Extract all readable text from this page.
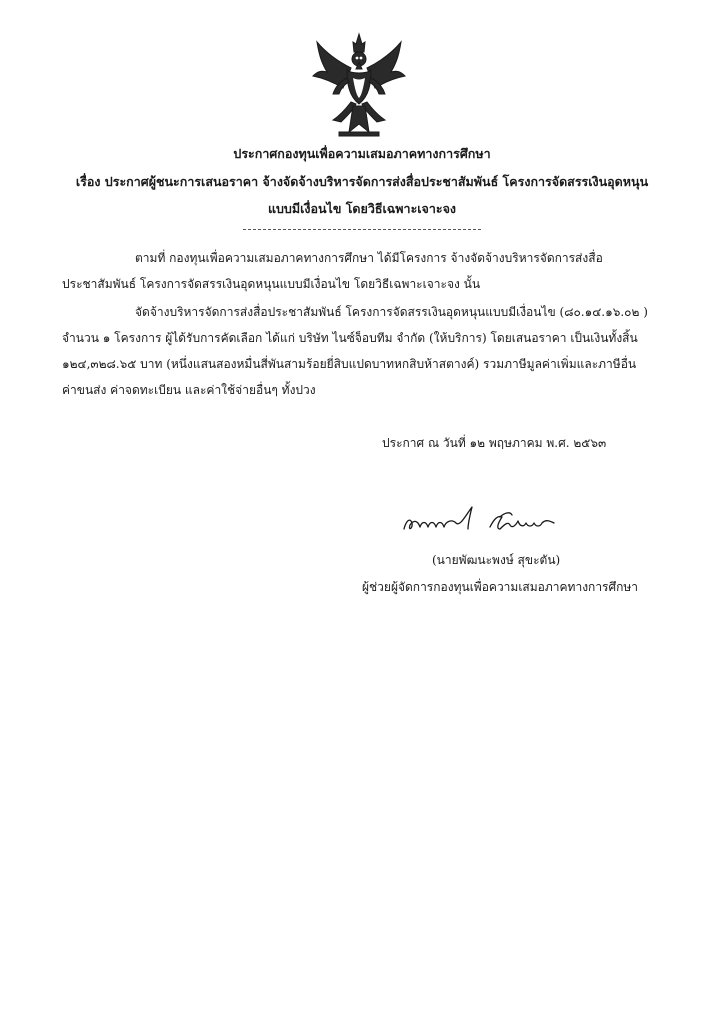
ประกาศกองทุนเพื่อความเสมอภาคทางการศึกษา
เรื่อง ประกาศผู้ชนะการเสนอราคา จ้างจัดจ้างบริหารจัดการส่งสื่อประชาสัมพันธ์ โครงการจัดสรรเงินอุดหนุน
แบบมีเงื่อนไข โดยวิธีเฉพาะเจาะจง
ตามที่ กองทุนเพื่อความเสมอภาคทางการศึกษา ได้มีโครงการ จ้างจัดจ้างบริหารจัดการส่งสื่อ
ประชาสัมพันธ์ โครงการจัดสรรเงินอุดหนุนแบบมีเงื่อนไข โดยวิธีเฉพาะเจาะจง นั้น
จัดจ้างบริหารจัดการส่งสื่อประชาสัมพันธ์ โครงการจัดสรรเงินอุดหนุนแบบมีเงื่อนไข (๘๐.๑๔.๑๖.๐๒ )
จำนวน ๑ โครงการ ผู้ได้รับการคัดเลือก ได้แก่ บริษัท ไนซ์จ็อบทีม จำกัด (ให้บริการ) โดยเสนอราคา เป็นเงินทั้งสิ้น
๑๒๔,๓๒๘.๖๕ บาท (หนึ่งแสนสองหมื่นสี่พันสามร้อยยี่สิบแปดบาทหกสิบห้าสตางค์) รวมภาษีมูลค่าเพิ่มและภาษีอื่น
ค่าขนส่ง ค่าจดทะเบียน และค่าใช้จ่ายอื่นๆ ทั้งปวง
ประกาศ ณ วันที่ ๑๒ พฤษภาคม พ.ศ. ๒๕๖๓
(นายพัฒนะพงษ์ สุขะตัน)
ผู้ช่วยผู้จัดการกองทุนเพื่อความเสมอภาคทางการศึกษา
